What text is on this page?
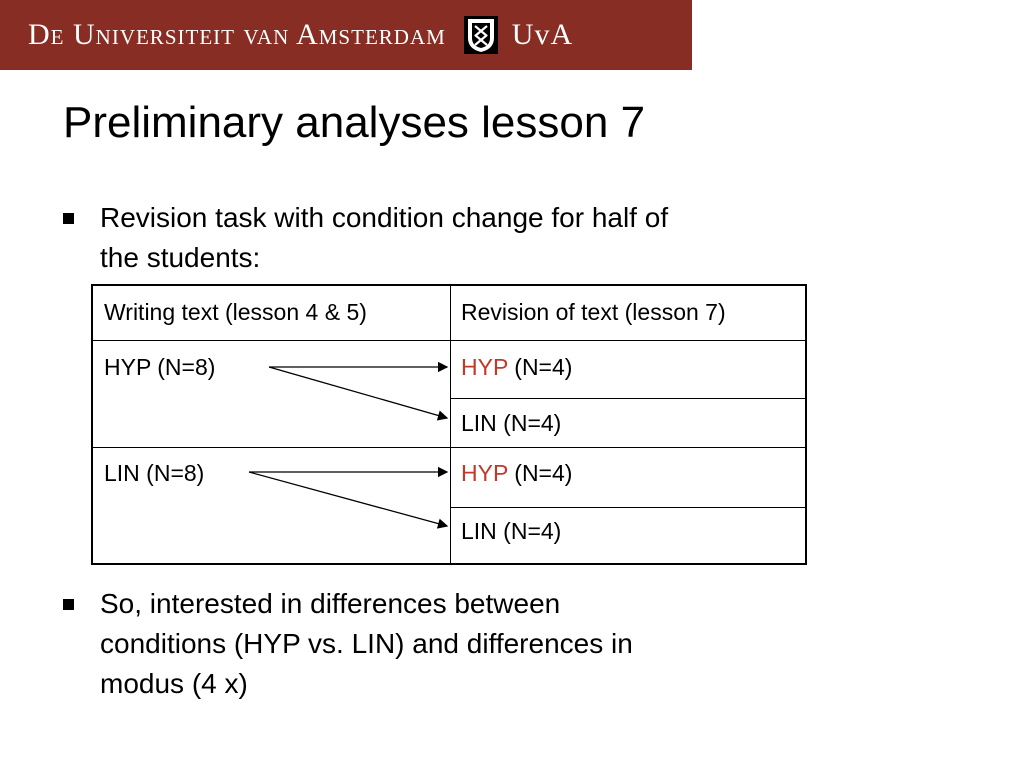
De Universiteit van Amsterdam UvA
Preliminary analyses lesson 7
Revision task with condition change for half of
the students:
Writing text (lesson 4 & 5)	Revision of text (lesson 7)
HYP (N=8)
LIN (N=8)
HYP (N=4)
LIN (N=4)
HYP (N=4)
LIN (N=4)
So, interested in differences between
conditions (HYP vs. LIN) and differences in
modus (4 x)
